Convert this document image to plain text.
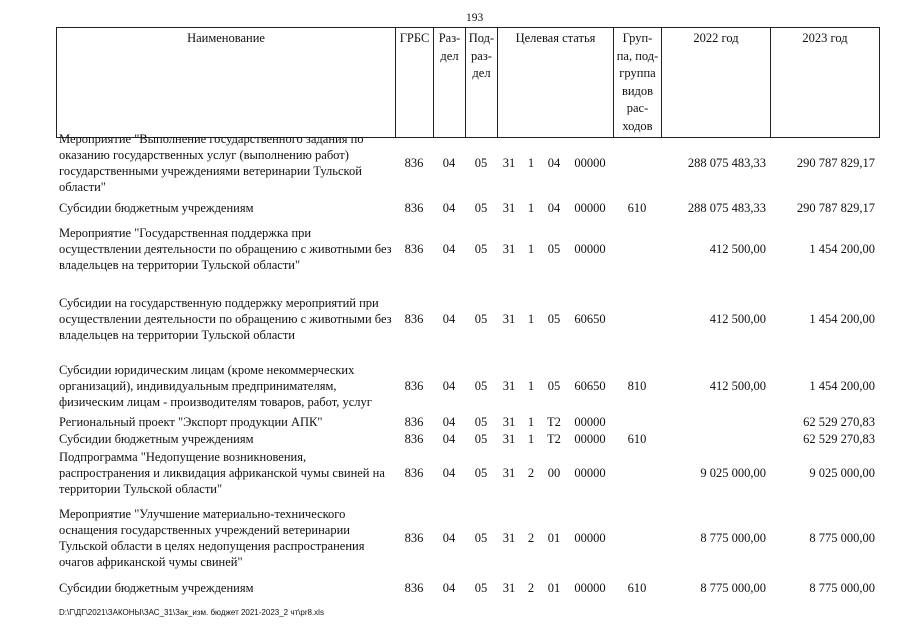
193
Наименование	ГРБС	Раз- дел	Под- раз- дел	Целевая статья	Груп- па, под- группа видов рас- ходов	2022 год	2023 год
Мероприятие "Выполнение государственного задания по оказанию государственных услуг (выполнению работ) государственными учреждениями ветеринарии Тульской области"	836	04	05	31	1	04	00000		288 075 483,33	290 787 829,17
Субсидии бюджетным учреждениям	836	04	05	31	1	04	00000	610	288 075 483,33	290 787 829,17
Мероприятие "Государственная поддержка при осуществлении деятельности по обращению с животными без владельцев на территории Тульской области"	836	04	05	31	1	05	00000		412 500,00	1 454 200,00
Субсидии на государственную поддержку мероприятий при осуществлении деятельности по обращению с животными без владельцев на территории Тульской области	836	04	05	31	1	05	60650		412 500,00	1 454 200,00
Субсидии юридическим лицам (кроме некоммерческих организаций), индивидуальным предпринимателям, физическим лицам - производителям товаров, работ, услуг	836	04	05	31	1	05	60650	810	412 500,00	1 454 200,00
Региональный проект "Экспорт продукции АПК"	836	04	05	31	1	T2	00000			62 529 270,83
Субсидии бюджетным учреждениям	836	04	05	31	1	T2	00000	610		62 529 270,83
Подпрограмма "Недопущение возникновения, распространения и ликвидация африканской чумы свиней на территории Тульской области"	836	04	05	31	2	00	00000		9 025 000,00	9 025 000,00
Мероприятие "Улучшение материально-технического оснащения государственных учреждений ветеринарии Тульской области в целях недопущения распространения очагов африканской чумы свиней"	836	04	05	31	2	01	00000		8 775 000,00	8 775 000,00
Субсидии бюджетным учреждениям	836	04	05	31	2	01	00000	610	8 775 000,00	8 775 000,00
D:\Г\ДГ\2021\ЗАКОНЫ\ЗАС_31\Зак_изм. бюджет 2021-2023_2 чт\pr8.xls
